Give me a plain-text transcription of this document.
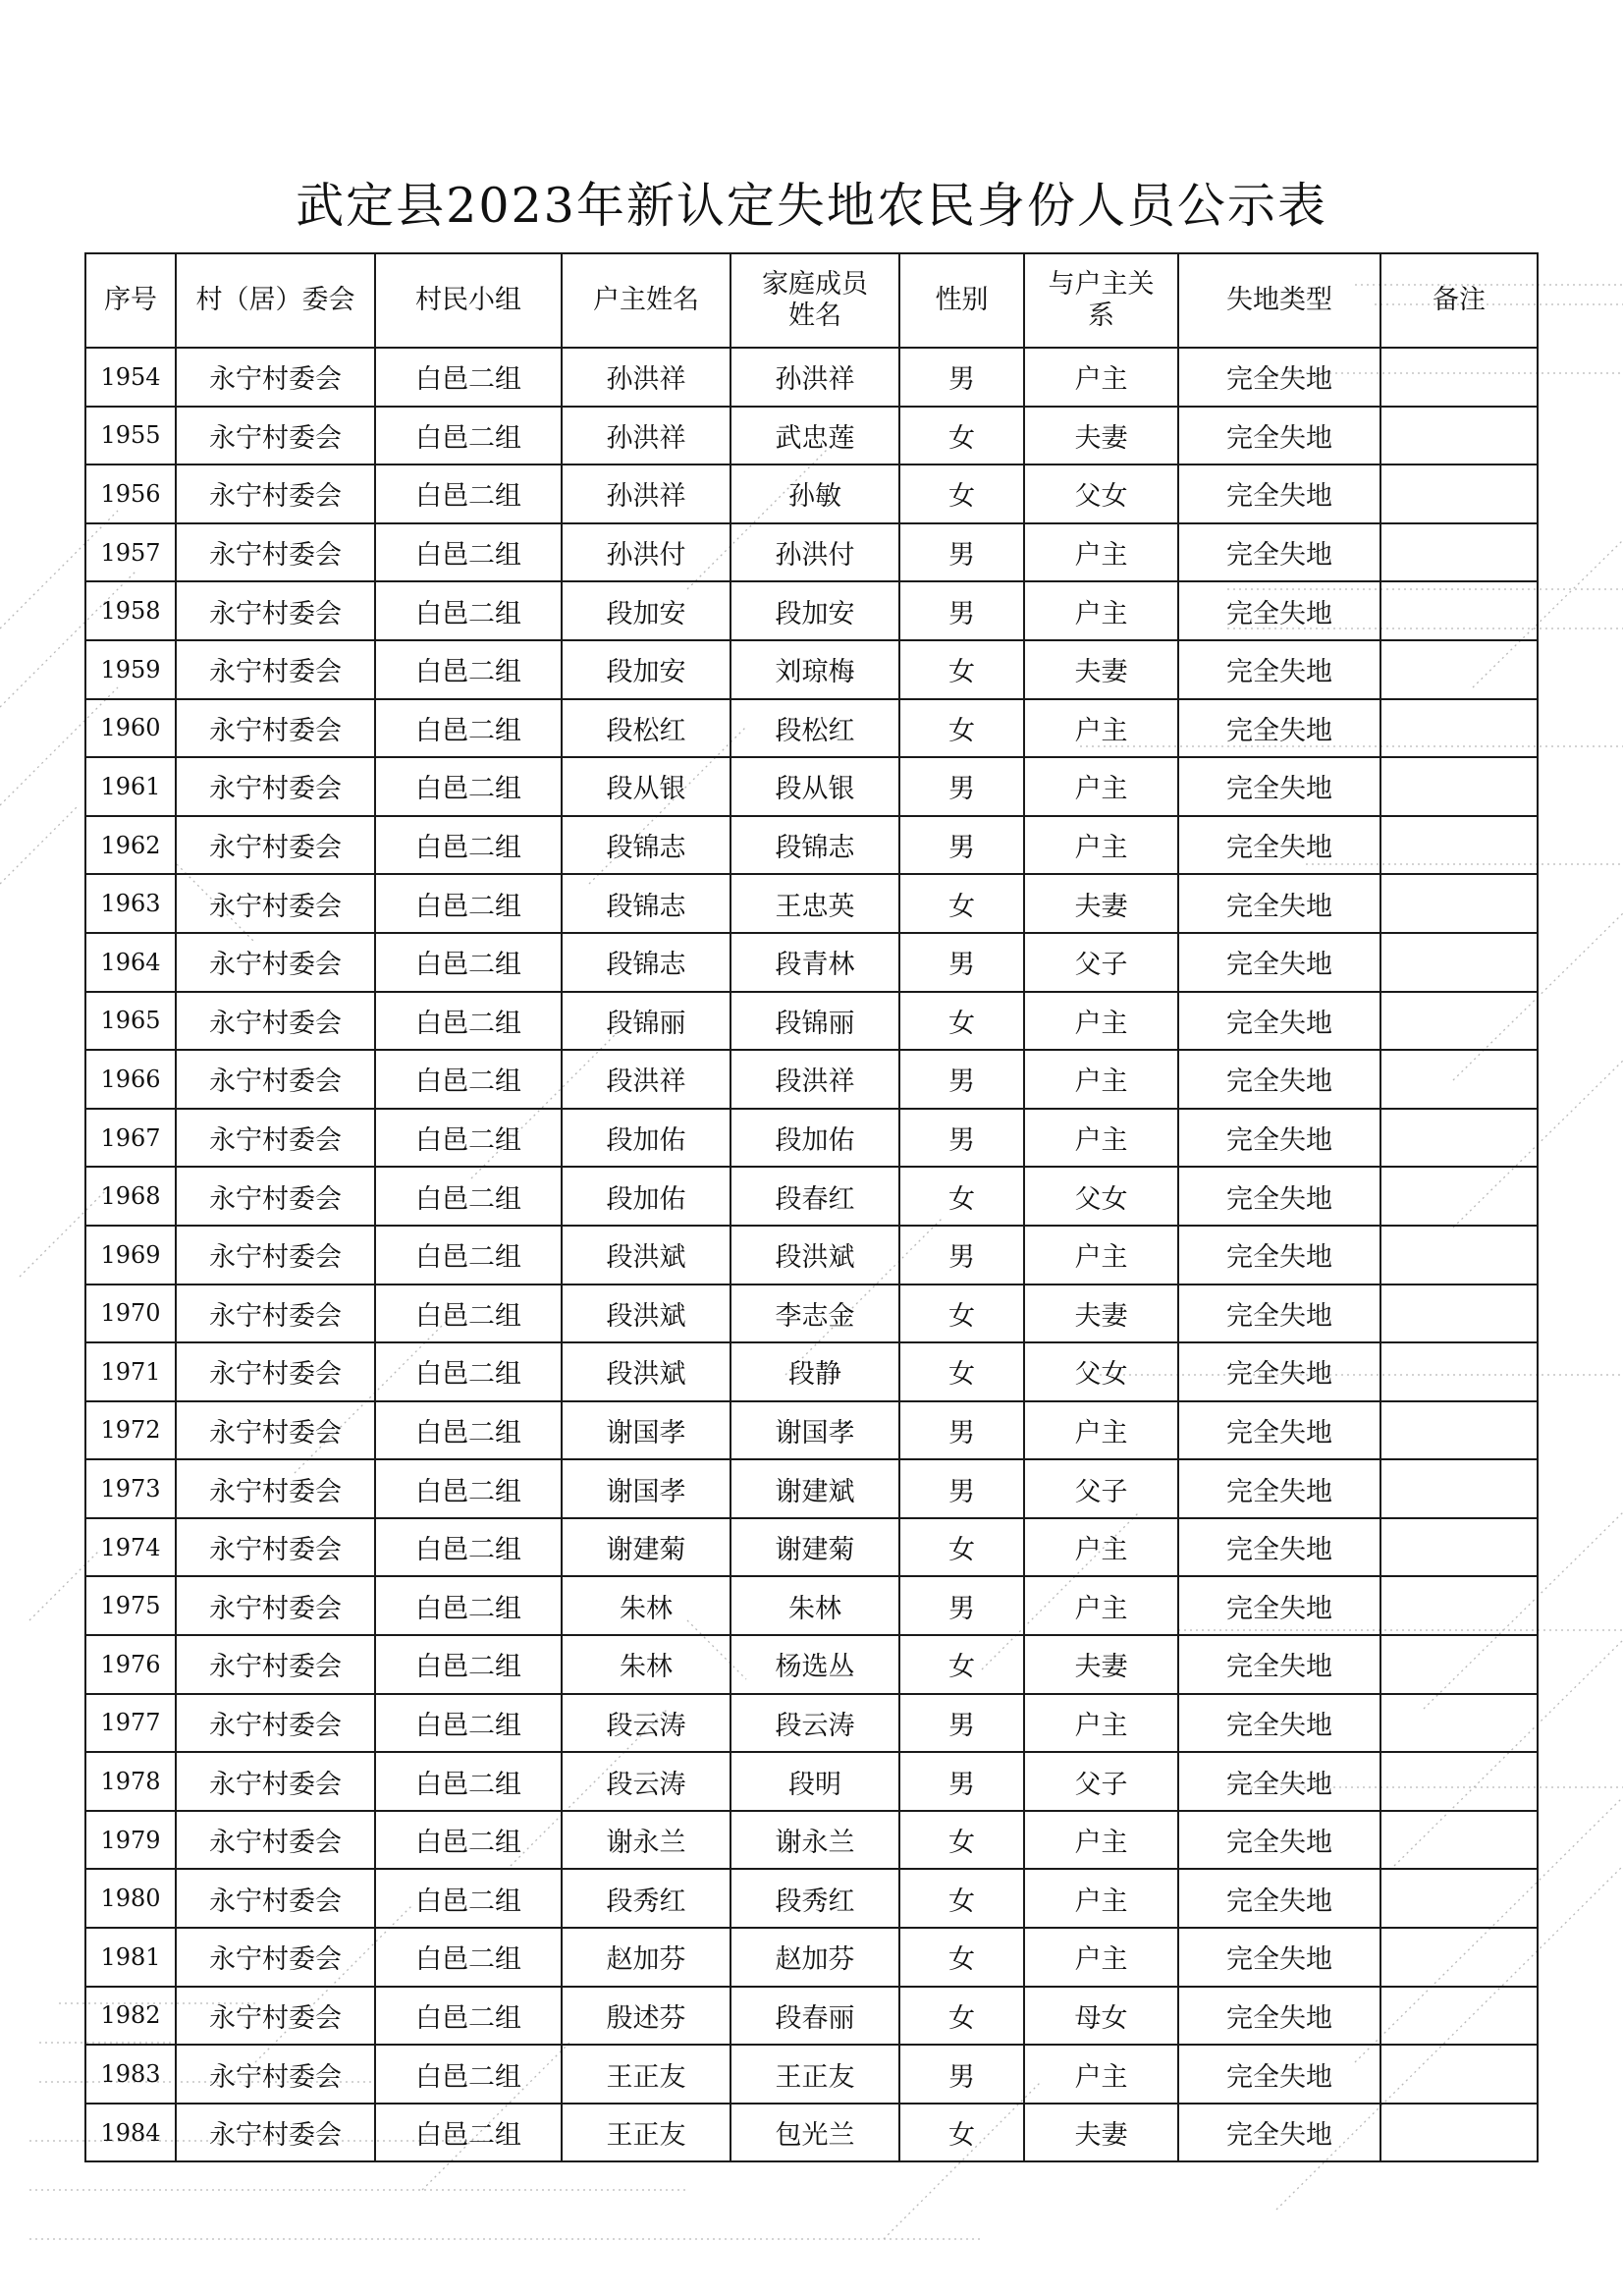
武定县2023年新认定失地农民身份人员公示表
序号	村（居）委会	村民小组	户主姓名	家庭成员姓名	性别	与户主关系	失地类型	备注
1954	永宁村委会	白邑二组	孙洪祥	孙洪祥	男	户主	完全失地	
1955	永宁村委会	白邑二组	孙洪祥	武忠莲	女	夫妻	完全失地	
1956	永宁村委会	白邑二组	孙洪祥	孙敏	女	父女	完全失地	
1957	永宁村委会	白邑二组	孙洪付	孙洪付	男	户主	完全失地	
1958	永宁村委会	白邑二组	段加安	段加安	男	户主	完全失地	
1959	永宁村委会	白邑二组	段加安	刘琼梅	女	夫妻	完全失地	
1960	永宁村委会	白邑二组	段松红	段松红	女	户主	完全失地	
1961	永宁村委会	白邑二组	段从银	段从银	男	户主	完全失地	
1962	永宁村委会	白邑二组	段锦志	段锦志	男	户主	完全失地	
1963	永宁村委会	白邑二组	段锦志	王忠英	女	夫妻	完全失地	
1964	永宁村委会	白邑二组	段锦志	段青林	男	父子	完全失地	
1965	永宁村委会	白邑二组	段锦丽	段锦丽	女	户主	完全失地	
1966	永宁村委会	白邑二组	段洪祥	段洪祥	男	户主	完全失地	
1967	永宁村委会	白邑二组	段加佑	段加佑	男	户主	完全失地	
1968	永宁村委会	白邑二组	段加佑	段春红	女	父女	完全失地	
1969	永宁村委会	白邑二组	段洪斌	段洪斌	男	户主	完全失地	
1970	永宁村委会	白邑二组	段洪斌	李志金	女	夫妻	完全失地	
1971	永宁村委会	白邑二组	段洪斌	段静	女	父女	完全失地	
1972	永宁村委会	白邑二组	谢国孝	谢国孝	男	户主	完全失地	
1973	永宁村委会	白邑二组	谢国孝	谢建斌	男	父子	完全失地	
1974	永宁村委会	白邑二组	谢建菊	谢建菊	女	户主	完全失地	
1975	永宁村委会	白邑二组	朱林	朱林	男	户主	完全失地	
1976	永宁村委会	白邑二组	朱林	杨选丛	女	夫妻	完全失地	
1977	永宁村委会	白邑二组	段云涛	段云涛	男	户主	完全失地	
1978	永宁村委会	白邑二组	段云涛	段明	男	父子	完全失地	
1979	永宁村委会	白邑二组	谢永兰	谢永兰	女	户主	完全失地	
1980	永宁村委会	白邑二组	段秀红	段秀红	女	户主	完全失地	
1981	永宁村委会	白邑二组	赵加芬	赵加芬	女	户主	完全失地	
1982	永宁村委会	白邑二组	殷述芬	段春丽	女	母女	完全失地	
1983	永宁村委会	白邑二组	王正友	王正友	男	户主	完全失地	
1984	永宁村委会	白邑二组	王正友	包光兰	女	夫妻	完全失地	
